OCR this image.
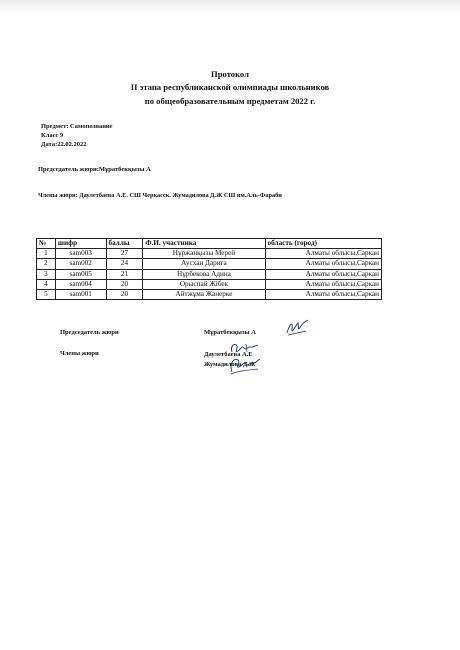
Протокол
II этапа республиканской олимпиады школьников
по общеобразовательным предметам 2022 г.
Предмет: Самопознание
Класс 9
Дата:22.02.2022
Председатель жюри:Мұратбекқызы А
Члены жюри: Даулетбаева А.Е. СШ Черкасск. Жумадилова Д.Ж СШ им.Аль-Фараби
№	шифр	баллы	Ф.И. участника	область (город)
1	sam003	27	Нұржанқызы Мерей	Алматы облысы,Саркан
2	sam002	24	Аусхан Дариға	Алматы облысы,Саркан
3	sam005	21	Нұрбекова Адина	Алматы облысы,Саркан
4	sam004	20	Орыспай Жібек	Алматы облысы,Саркан
5	sam001	20	Айтжұма Жанерке	Алматы облысы,Саркан
Председатель жюри	Мұратбекқызы А
Члены жюри	Даулетбаева А.Е
Жумадилова Д.Ж
